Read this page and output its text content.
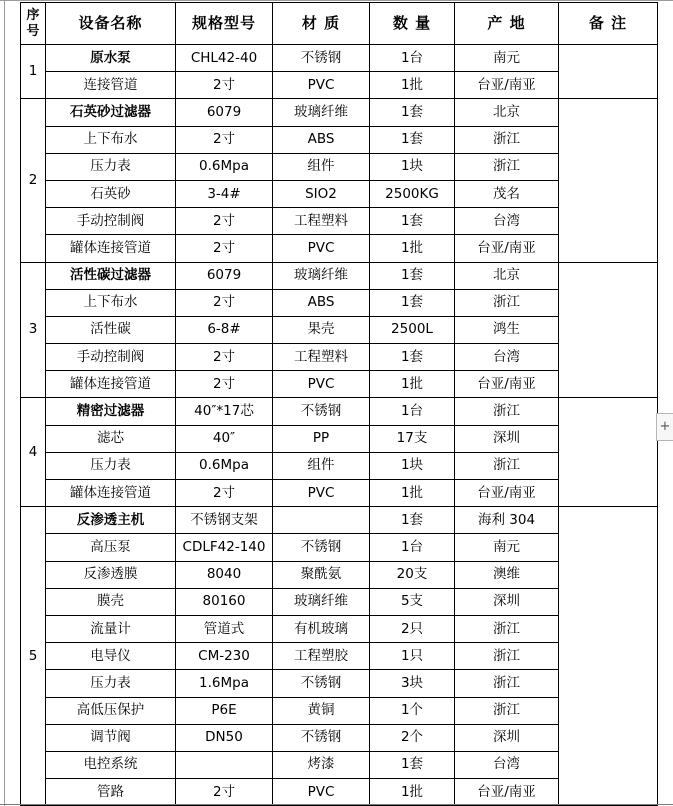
序号	设备名称	规格型号	材 质	数 量	产 地	备 注
1	原水泵	CHL42-40	不锈钢	1台	南元	
	连接管道	2寸	PVC	1批	台亚/南亚	
2	石英砂过滤器	6079	玻璃纤维	1套	北京	
	上下布水	2寸	ABS	1套	浙江	
	压力表	0.6Mpa	组件	1块	浙江	
	石英砂	3-4#	SIO2	2500KG	茂名	
	手动控制阀	2寸	工程塑料	1套	台湾	
	罐体连接管道	2寸	PVC	1批	台亚/南亚	
3	活性碳过滤器	6079	玻璃纤维	1套	北京	
	上下布水	2寸	ABS	1套	浙江	
	活性碳	6-8#	果壳	2500L	鸿生	
	手动控制阀	2寸	工程塑料	1套	台湾	
	罐体连接管道	2寸	PVC	1批	台亚/南亚	
4	精密过滤器	40″*17芯	不锈钢	1台	浙江	
	滤芯	40″	PP	17支	深圳	
	压力表	0.6Mpa	组件	1块	浙江	
	罐体连接管道	2寸	PVC	1批	台亚/南亚	
5	反渗透主机	不锈钢支架		1套	海利 304	
	高压泵	CDLF42-140	不锈钢	1台	南元	
	反渗透膜	8040	聚酰氨	20支	澳维	
	膜壳	80160	玻璃纤维	5支	深圳	
	流量计	管道式	有机玻璃	2只	浙江	
	电导仪	CM-230	工程塑胶	1只	浙江	
	压力表	1.6Mpa	不锈钢	3块	浙江	
	高低压保护	P6E	黄铜	1个	浙江	
	调节阀	DN50	不锈钢	2个	深圳	
	电控系统		烤漆	1套	台湾	
	管路	2寸	PVC	1批	台亚/南亚	
+
